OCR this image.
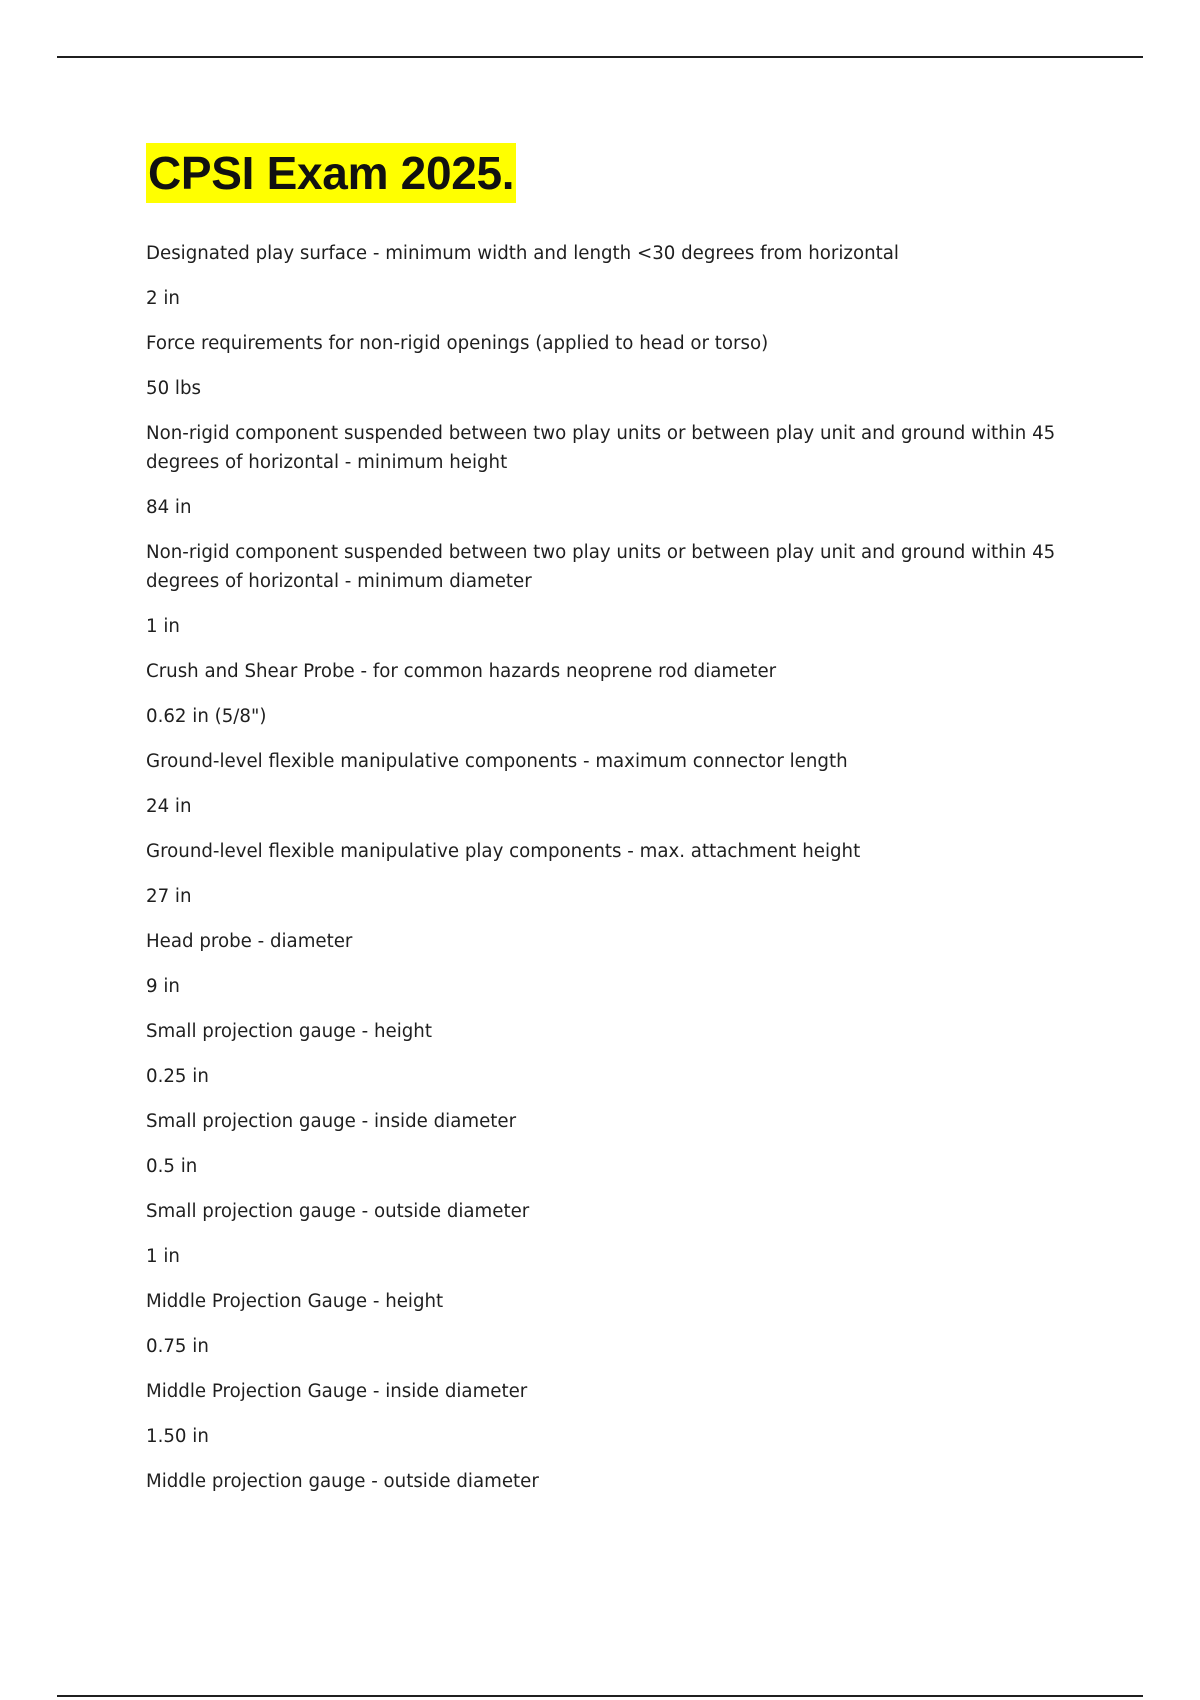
CPSI Exam 2025.

Designated play surface - minimum width and length <30 degrees from horizontal

2 in

Force requirements for non-rigid openings (applied to head or torso)

50 lbs

Non-rigid component suspended between two play units or between play unit and ground within 45 degrees of horizontal - minimum height

84 in

Non-rigid component suspended between two play units or between play unit and ground within 45 degrees of horizontal - minimum diameter

1 in

Crush and Shear Probe - for common hazards neoprene rod diameter

0.62 in (5/8")

Ground-level flexible manipulative components - maximum connector length

24 in

Ground-level flexible manipulative play components - max. attachment height

27 in

Head probe - diameter

9 in

Small projection gauge - height

0.25 in

Small projection gauge - inside diameter

0.5 in

Small projection gauge - outside diameter

1 in

Middle Projection Gauge - height

0.75 in

Middle Projection Gauge - inside diameter

1.50 in

Middle projection gauge - outside diameter
